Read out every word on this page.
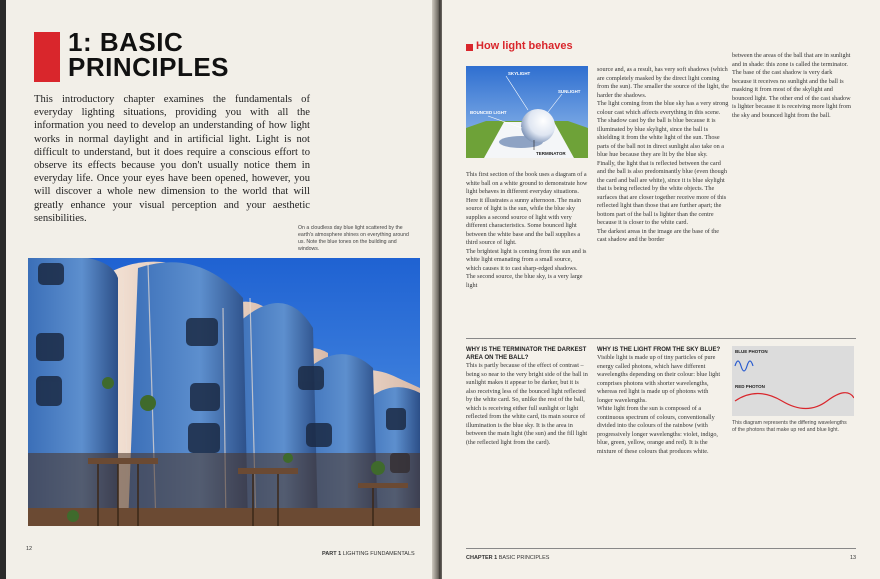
1: BASIC
PRINCIPLES
This introductory chapter examines the fundamentals of everyday lighting situations, providing you with all the information you need to develop an understanding of how light works in normal daylight and in artificial light. Light is not difficult to understand, but it does require a conscious effort to observe its effects because you don't usually notice them in everyday life. Once your eyes have been opened, however, you will discover a whole new dimension to the world that will greatly enhance your visual perception and your aesthetic sensibilities.
On a cloudless day blue light scattered by the earth's atmosphere shines on everything around us. Note the blue tones on the building and windows.
12
PART 1 LIGHTING FUNDAMENTALS
How light behaves
SKYLIGHT
SUNLIGHT
BOUNCED LIGHT
TERMINATOR
This first section of the book uses a diagram of a white ball on a white ground to demonstrate how light behaves in different everyday situations. Here it illustrates a sunny afternoon. The main source of light is the sun, while the blue sky supplies a second source of light with very different characteristics. Some bounced light between the white base and the ball supplies a third source of light.
The brightest light is coming from the sun and is white light emanating from a small source, which causes it to cast sharp-edged shadows. The second source, the blue sky, is a very large light
source and, as a result, has very soft shadows (which are completely masked by the direct light coming from the sun). The smaller the source of the light, the harder the shadows.
The light coming from the blue sky has a very strong colour cast which affects everything in this scene. The shadow cast by the ball is blue because it is illuminated by blue skylight, since the ball is shielding it from the white light of the sun. Those parts of the ball not in direct sunlight also take on a blue hue because they are lit by the blue sky.
Finally, the light that is reflected between the card and the ball is also predominantly blue (even though the card and ball are white), since it is blue skylight that is being reflected by the white objects. The surfaces that are closer together receive more of this reflected light than those that are further apart; the bottom part of the ball is lighter than the centre because it is closer to the white card.
The darkest areas in the image are the base of the cast shadow and the border
between the areas of the ball that are in sunlight and in shade: this zone is called the terminator. The base of the cast shadow is very dark because it receives no sunlight and the ball is masking it from most of the skylight and bounced light. The other end of the cast shadow is lighter because it is receiving more light from the sky and bounced light from the ball.
WHY IS THE TERMINATOR THE DARKEST AREA ON THE BALL?
This is partly because of the effect of contrast – being so near to the very bright side of the ball in sunlight makes it appear to be darker, but it is also receiving less of the bounced light reflected by the white card. So, unlike the rest of the ball, which is receiving either full sunlight or light reflected from the white card, its main source of illumination is the blue sky. It is the area in between the main light (the sun) and the fill light (the reflected light from the card).
WHY IS THE LIGHT FROM THE SKY BLUE?
Visible light is made up of tiny particles of pure energy called photons, which have different wavelengths depending on their colour: blue light comprises photons with shorter wavelengths, whereas red light is made up of photons with longer wavelengths.
White light from the sun is composed of a continuous spectrum of colours, conventionally divided into the colours of the rainbow (with progressively longer wavelengths: violet, indigo, blue, green, yellow, orange and red). It is the mixture of these colours that produces white.
BLUE PHOTON
RED PHOTON
This diagram represents the differing wavelengths of the photons that make up red and blue light.
CHAPTER 1 BASIC PRINCIPLES	13
